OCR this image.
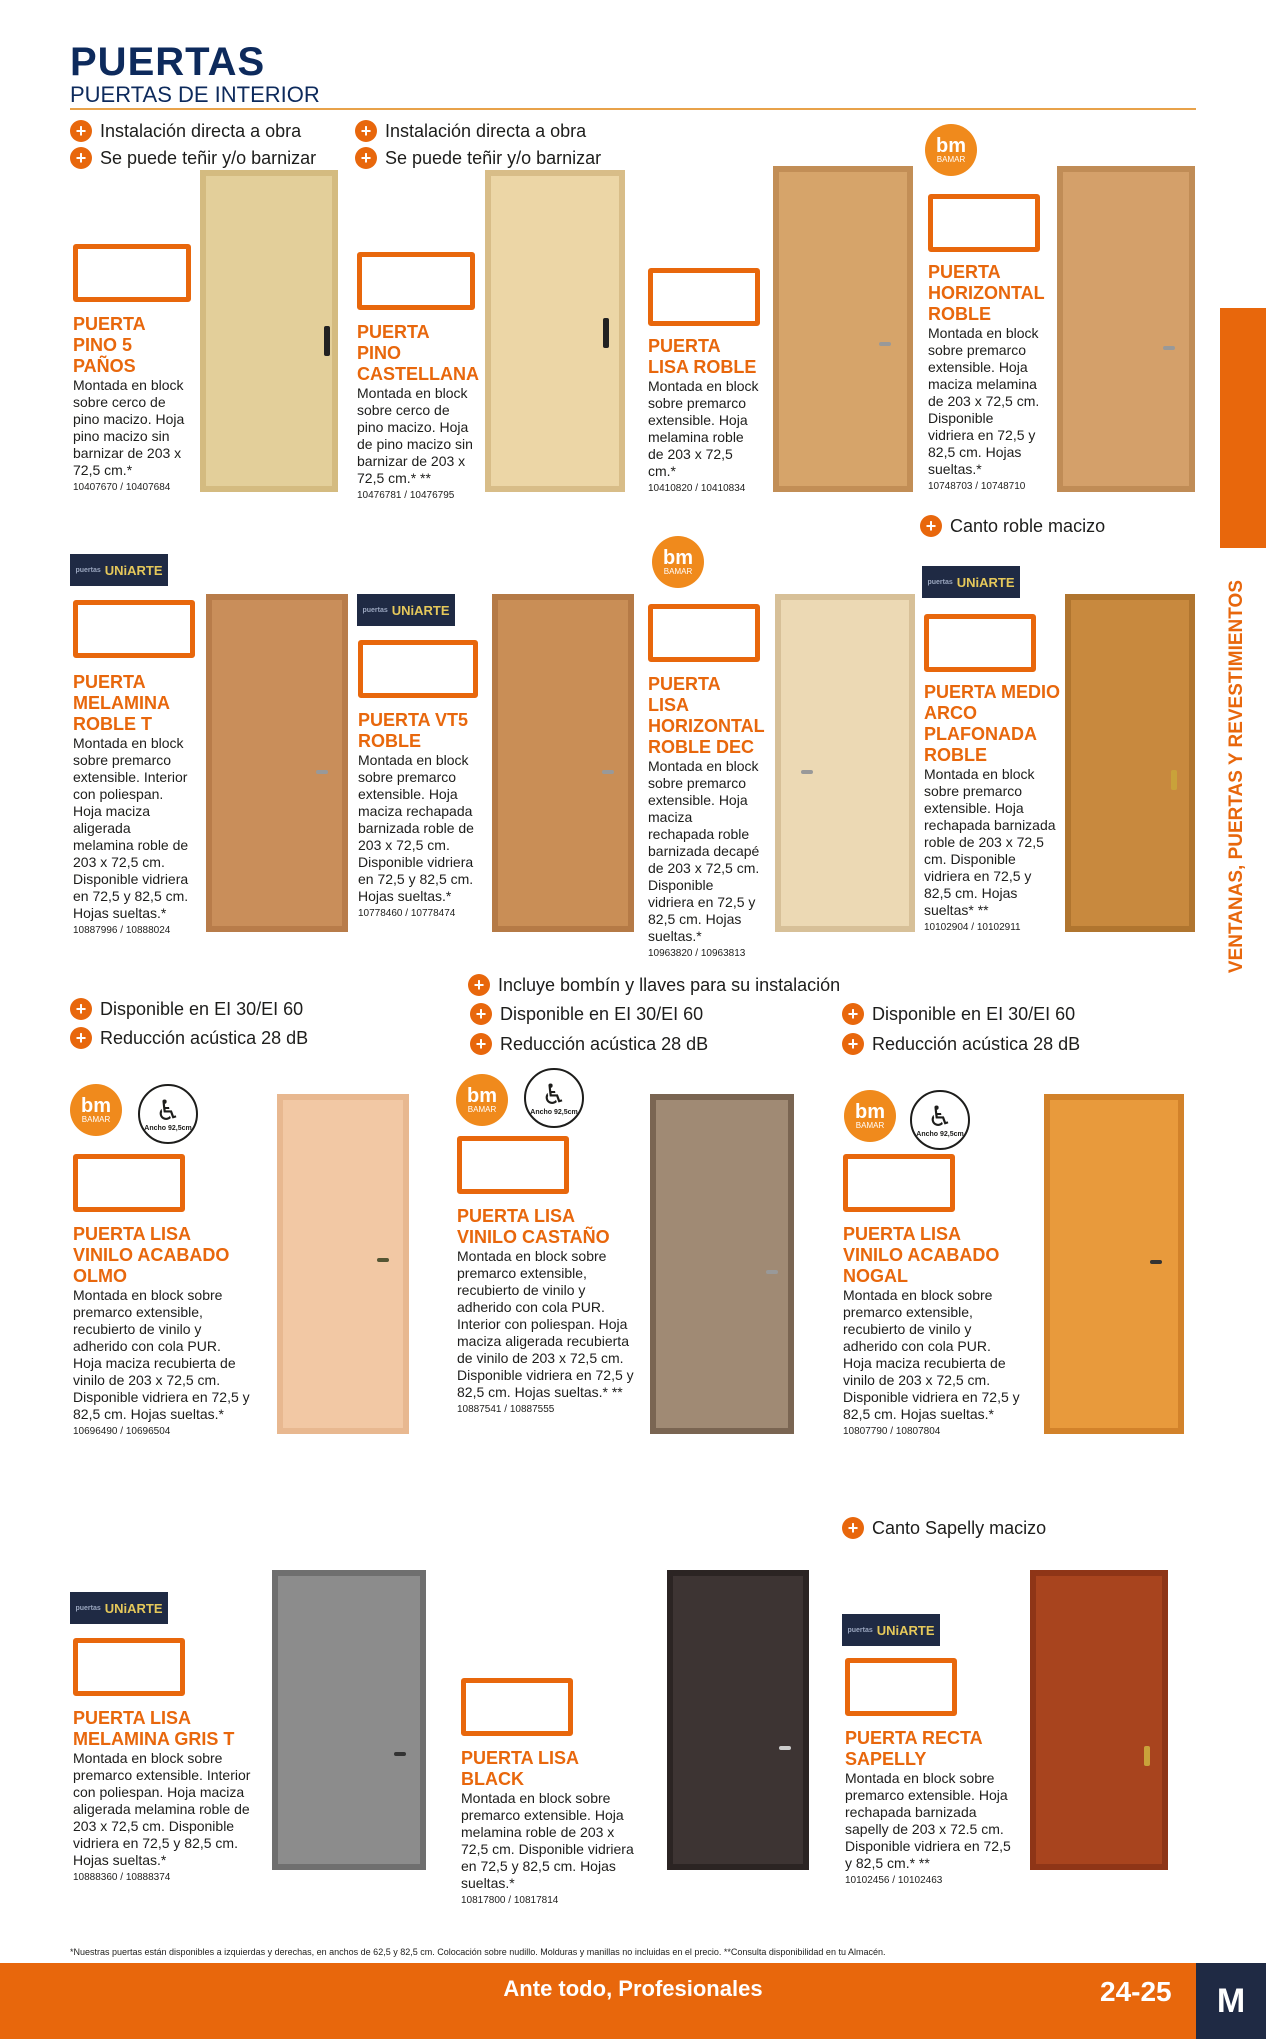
PUERTAS
PUERTAS DE INTERIOR
VENTANAS, PUERTAS Y REVESTIMIENTOS
+ Instalación directa a obra
+ Se puede teñir y/o barnizar
+ Instalación directa a obra
+ Se puede teñir y/o barnizar
bm
BAMAR
PUERTA PINO 5 PAÑOS
Montada en block sobre cerco de pino macizo. Hoja pino macizo sin barnizar de 203 x 72,5 cm.*
10407670 / 10407684
PUERTA PINO CASTELLANA
Montada en block sobre cerco de pino macizo. Hoja de pino macizo sin barnizar de 203 x 72,5 cm.* **
10476781 / 10476795
PUERTA LISA ROBLE
Montada en block sobre premarco extensible. Hoja melamina roble de 203 x 72,5 cm.*
10410820 / 10410834
PUERTA HORIZONTAL ROBLE
Montada en block sobre premarco extensible. Hoja maciza melamina de 203 x 72,5 cm. Disponible vidriera en 72,5 y 82,5 cm. Hojas sueltas.*
10748703 / 10748710
+ Canto roble macizo
puertas UNiARTE
puertas UNiARTE
bm
BAMAR
puertas UNiARTE
PUERTA MELAMINA ROBLE T
Montada en block sobre premarco extensible. Interior con poliespan. Hoja maciza aligerada melamina roble de 203 x 72,5 cm. Disponible vidriera en 72,5 y 82,5 cm. Hojas sueltas.*
10887996 / 10888024
PUERTA VT5 ROBLE
Montada en block sobre premarco extensible. Hoja maciza rechapada barnizada roble de 203 x 72,5 cm. Disponible vidriera en 72,5 y 82,5 cm. Hojas sueltas.*
10778460 / 10778474
PUERTA LISA HORIZONTAL ROBLE DEC
Montada en block sobre premarco extensible. Hoja maciza rechapada roble barnizada decapé de 203 x 72,5 cm. Disponible vidriera en 72,5 y 82,5 cm. Hojas sueltas.*
10963820 / 10963813
PUERTA MEDIO ARCO PLAFONADA ROBLE
Montada en block sobre premarco extensible. Hoja rechapada barnizada roble de 203 x 72,5 cm. Disponible vidriera en 72,5 y 82,5 cm. Hojas sueltas* **
10102904 / 10102911
+ Incluye bombín y llaves para su instalación
+ Disponible en EI 30/EI 60
+ Reducción acústica 28 dB
+ Disponible en EI 30/EI 60
+ Reducción acústica 28 dB
+ Disponible en EI 30/EI 60
+ Reducción acústica 28 dB
bm
BAMAR ♿
Ancho 92,5cm
bm
BAMAR ♿
Ancho 92,5cm	bm
BAMAR ♿
Ancho 92,5cm
PUERTA LISA VINILO ACABADO OLMO
Montada en block sobre premarco extensible, recubierto de vinilo y adherido con cola PUR. Hoja maciza recubierta de vinilo de 203 x 72,5 cm. Disponible vidriera en 72,5 y 82,5 cm. Hojas sueltas.*
10696490 / 10696504
PUERTA LISA VINILO CASTAÑO
Montada en block sobre premarco extensible, recubierto de vinilo y adherido con cola PUR. Interior con poliespan. Hoja maciza aligerada recubierta de vinilo de 203 x 72,5 cm. Disponible vidriera en 72,5 y 82,5 cm. Hojas sueltas.* **
10887541 / 10887555
PUERTA LISA VINILO ACABADO NOGAL
Montada en block sobre premarco extensible, recubierto de vinilo y adherido con cola PUR. Hoja maciza recubierta de vinilo de 203 x 72,5 cm. Disponible vidriera en 72,5 y 82,5 cm. Hojas sueltas.*
10807790 / 10807804
+ Canto Sapelly macizo
puertas UNiARTE
puertas UNiARTE
PUERTA LISA MELAMINA GRIS T
Montada en block sobre premarco extensible. Interior con poliespan. Hoja maciza aligerada melamina roble de 203 x 72,5 cm. Disponible vidriera en 72,5 y 82,5 cm. Hojas sueltas.*
10888360 / 10888374
PUERTA LISA BLACK
Montada en block sobre premarco extensible. Hoja melamina roble de 203 x 72,5 cm. Disponible vidriera en 72,5 y 82,5 cm. Hojas sueltas.*
10817800 / 10817814
PUERTA RECTA SAPELLY
Montada en block sobre premarco extensible. Hoja rechapada barnizada sapelly de 203 x 72.5 cm. Disponible vidriera en 72,5 y 82,5 cm.* **
10102456 / 10102463
*Nuestras puertas están disponibles a izquierdas y derechas, en anchos de 62,5 y 82,5 cm. Colocación sobre nudillo. Molduras y manillas no incluidas en el precio. **Consulta disponibilidad en tu Almacén.
Ante todo, Profesionales	24-25	M
